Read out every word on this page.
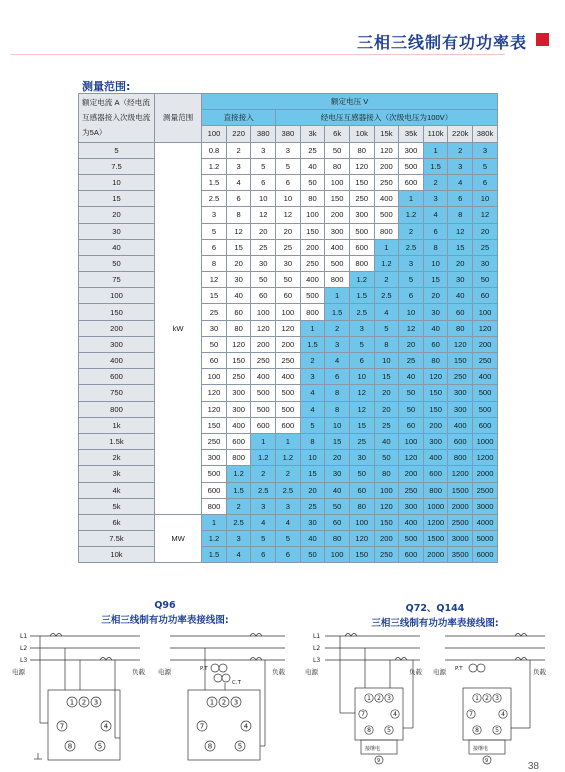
三相三线制有功功率表
测量范围:
额定电流 A（经电流互感器接入次级电流为5A）	测量范围	额定电压 V											
		直接接入			经电压互感器接入（次级电压为100V）								
		100	220	380	380	3k	6k	10k	15k	35k	110k	220k	380k
5	kW	0.8	2	3	3	25	50	80	120	300	1	2	3
7.5		1.2	3	5	5	40	80	120	200	500	1.5	3	5
10		1.5	4	6	6	50	100	150	250	600	2	4	6
15		2.5	6	10	10	80	150	250	400	1	3	6	10
20		3	8	12	12	100	200	300	500	1.2	4	8	12
30		5	12	20	20	150	300	500	800	2	6	12	20
40		6	15	25	25	200	400	600	1	2.5	8	15	25
50		8	20	30	30	250	500	800	1.2	3	10	20	30
75		12	30	50	50	400	800	1.2	2	5	15	30	50
100		15	40	60	60	500	1	1.5	2.5	6	20	40	60
150		25	60	100	100	800	1.5	2.5	4	10	30	60	100
200		30	80	120	120	1	2	3	5	12	40	80	120
300		50	120	200	200	1.5	3	5	8	20	60	120	200
400		60	150	250	250	2	4	6	10	25	80	150	250
600		100	250	400	400	3	6	10	15	40	120	250	400
750		120	300	500	500	4	8	12	20	50	150	300	500
800		120	300	500	500	4	8	12	20	50	150	300	500
1k		150	400	600	600	5	10	15	25	60	200	400	600
1.5k		250	600	1	1	8	15	25	40	100	300	600	1000
2k		300	800	1.2	1.2	10	20	30	50	120	400	800	1200
3k		500	1.2	2	2	15	30	50	80	200	600	1200	2000
4k		600	1.5	2.5	2.5	20	40	60	100	250	800	1500	2500
5k		800	2	3	3	25	50	80	120	300	1000	2000	3000
6k	MW	1	2.5	4	4	30	60	100	150	400	1200	2500	4000
7.5k		1.2	3	5	5	40	80	120	200	500	1500	3000	5000
10k		1.5	4	6	6	50	100	150	250	600	2000	3500	6000
Q96
三相三线制有功功率表接线图:
Q72、Q144
三相三线制有功功率表接线图:
L1
L2
L3
电源	负载 电源	负载
P.T
C.T
1 2 3
7	4
8	5
1 2 3
7	4
8	5
L1
L2
L3
电源	负载 电源	负载
P.T
接继电	接继电
9	9
1 2 3
7	4
8	5
1 2 3
7	4
8	5
38
